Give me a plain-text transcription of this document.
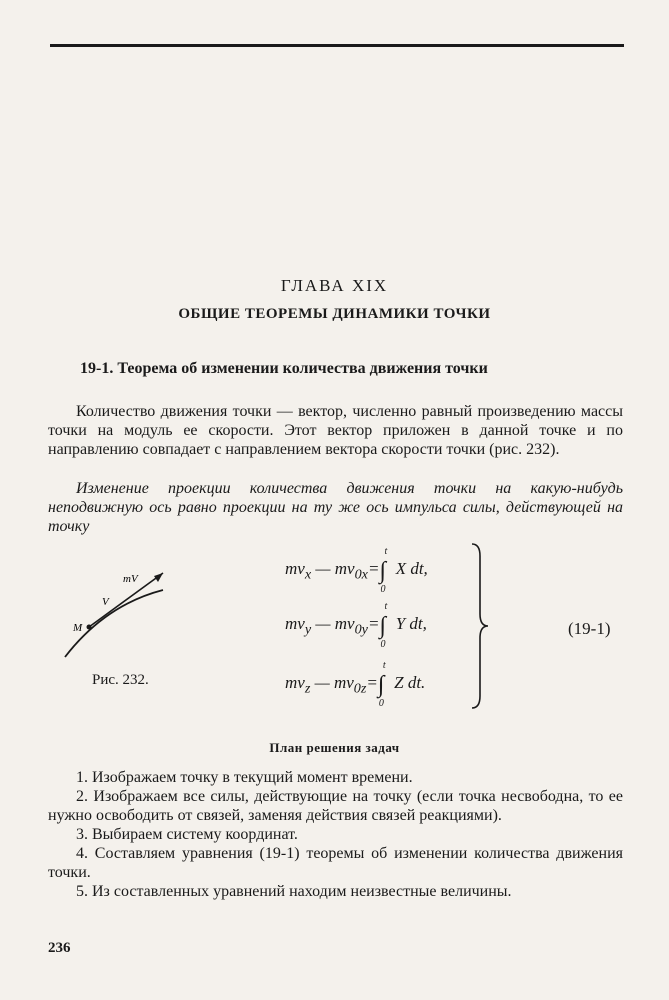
ГЛАВА XIX
ОБЩИЕ ТЕОРЕМЫ ДИНАМИКИ ТОЧКИ
19-1. Теорема об изменении количества движения точки
Количество движения точки — вектор, численно равный произведению массы точки на модуль ее скорости. Этот вектор приложен в данной точке и по направлению совпадает с направлением вектора скорости точки (рис. 232).
Изменение проекции количества движения точки на какую-нибудь неподвижную ось равно проекции на ту же ось импульса силы, действующей на точку
mV
V
M
Рис. 232.
$mv_x$ — $mv_{0x}=\int$
t
0
X dt,
$mv_y$ — $mv_{0y}=\int$
t
0
Y dt,
$mv_z$ — $mv_{0z}=\int$
t
0
Z dt.
(19-1)
План решения задач

1. Изображаем точку в текущий момент времени.

2. Изображаем все силы, действующие на точку (если точка несвободна, то ее нужно освободить от связей, заменяя действия связей реакциями).

3. Выбираем систему координат.

4. Составляем уравнения (19-1) теоремы об изменении количества движения точки.

5. Из составленных уравнений находим неизвестные величины.

236
